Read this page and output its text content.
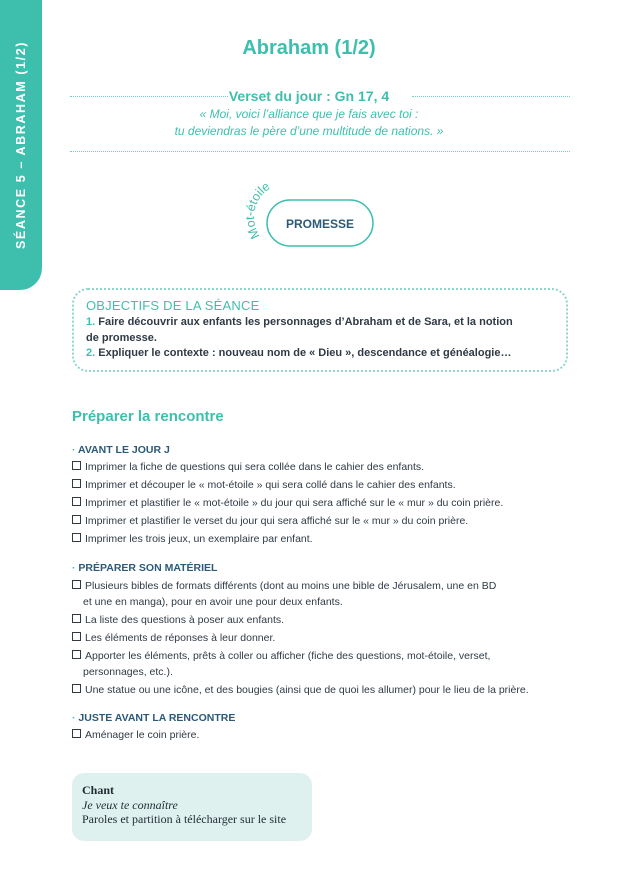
SÉANCE 5 – ABRAHAM (1/2)	Abraham (1/2)
Verset du jour : Gn 17, 4
« Moi, voici l’alliance que je fais avec toi :
tu deviendras le père d’une multitude de nations. »
Mot-étoile
PROMESSE
OBJECTIFS DE LA SÉANCE
1. Faire découvrir aux enfants les personnages d’Abraham et de Sara, et la notion
de promesse.
2. Expliquer le contexte : nouveau nom de « Dieu », descendance et généalogie…
Préparer la rencontre
· AVANT LE JOUR J
Imprimer la fiche de questions qui sera collée dans le cahier des enfants.
Imprimer et découper le « mot-étoile » qui sera collé dans le cahier des enfants.
Imprimer et plastifier le « mot-étoile » du jour qui sera affiché sur le « mur » du coin prière.
Imprimer et plastifier le verset du jour qui sera affiché sur le « mur » du coin prière.
Imprimer les trois jeux, un exemplaire par enfant.
· PRÉPARER SON MATÉRIEL
Plusieurs bibles de formats différents (dont au moins une bible de Jérusalem, une en BD
et une en manga), pour en avoir une pour deux enfants.
La liste des questions à poser aux enfants.
Les éléments de réponses à leur donner.
Apporter les éléments, prêts à coller ou afficher (fiche des questions, mot-étoile, verset,
personnages, etc.).
Une statue ou une icône, et des bougies (ainsi que de quoi les allumer) pour le lieu de la prière.
· JUSTE AVANT LA RENCONTRE
Aménager le coin prière.
Chant
Je veux te connaître
Paroles et partition à télécharger sur le site
